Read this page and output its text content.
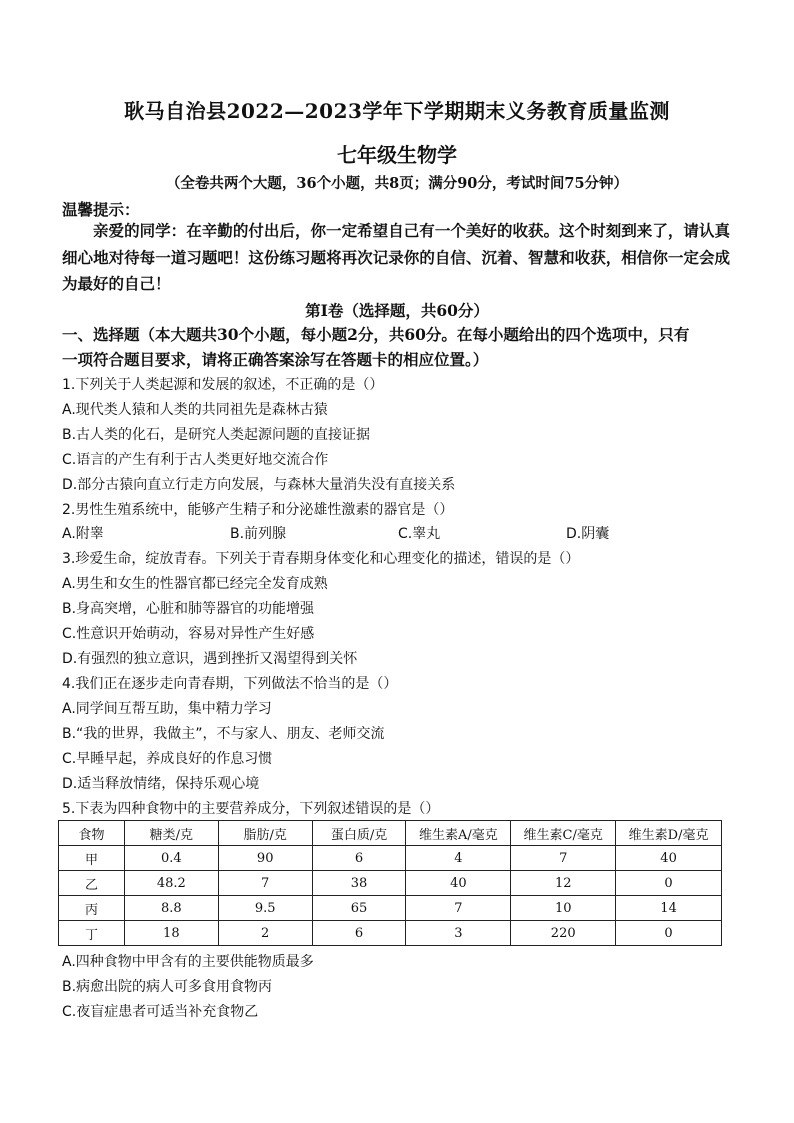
耿马自治县2022—2023学年下学期期末义务教育质量监测
七年级生物学
（全卷共两个大题，36个小题，共8页；满分90分，考试时间75分钟）
温馨提示：
亲爱的同学：在辛勤的付出后，你一定希望自己有一个美好的收获。这个时刻到来了，请认真细心地对待每一道习题吧！这份练习题将再次记录你的自信、沉着、智慧和收获，相信你一定会成为最好的自己！
第Ⅰ卷（选择题，共60分）
一、选择题（本大题共30个小题，每小题2分，共60分。在每小题给出的四个选项中，只有
一项符合题目要求，请将正确答案涂写在答题卡的相应位置。）
1.下列关于人类起源和发展的叙述，不正确的是（）
A.现代类人猿和人类的共同祖先是森林古猿
B.古人类的化石，是研究人类起源问题的直接证据
C.语言的产生有利于古人类更好地交流合作
D.部分古猿向直立行走方向发展，与森林大量消失没有直接关系
2.男性生殖系统中，能够产生精子和分泌雄性激素的器官是（）
A.附睾	B.前列腺	C.睾丸	D.阴囊
3.珍爱生命，绽放青春。下列关于青春期身体变化和心理变化的描述，错误的是（）
A.男生和女生的性器官都已经完全发育成熟
B.身高突增，心脏和肺等器官的功能增强
C.性意识开始萌动，容易对异性产生好感
D.有强烈的独立意识，遇到挫折又渴望得到关怀
4.我们正在逐步走向青春期，下列做法不恰当的是（）
A.同学间互帮互助，集中精力学习
B.“我的世界，我做主”，不与家人、朋友、老师交流
C.早睡早起，养成良好的作息习惯
D.适当释放情绪，保持乐观心境
5.下表为四种食物中的主要营养成分，下列叙述错误的是（）
食物	糖类/克	脂肪/克	蛋白质/克	维生素A/毫克	维生素C/毫克	维生素D/毫克
甲	0.4	90	6	4	7	40
乙	48.2	7	38	40	12	0
丙	8.8	9.5	65	7	10	14
丁	18	2	6	3	220	0
A.四种食物中甲含有的主要供能物质最多
B.病愈出院的病人可多食用食物丙
C.夜盲症患者可适当补充食物乙
